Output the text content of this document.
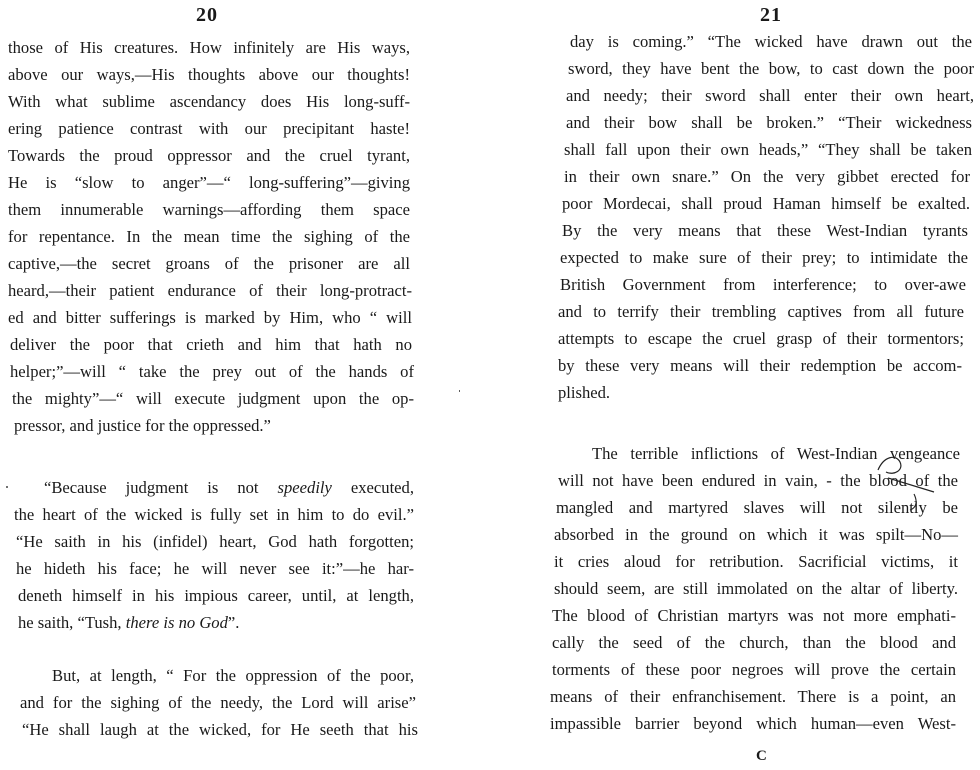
20
those of His creatures. How infinitely are His ways,
above our ways,—His thoughts above our thoughts!
With what sublime ascendancy does His long-suff-
ering patience contrast with our precipitant haste!
Towards the proud oppressor and the cruel tyrant,
He is “slow to anger”—“ long-suffering”—giving
them innumerable warnings—affording them space
for repentance. In the mean time the sighing of the
captive,—the secret groans of the prisoner are all
heard,—their patient endurance of their long-protract-
ed and bitter sufferings is marked by Him, who “ will
deliver the poor that crieth and him that hath no
helper;”—will “ take the prey out of the hands of
the mighty”—“ will execute judgment upon the op-
pressor, and justice for the oppressed.”
“Because judgment is not speedily executed,
the heart of the wicked is fully set in him to do evil.”
“He saith in his (infidel) heart, God hath forgotten;
he hideth his face; he will never see it:”—he har-
deneth himself in his impious career, until, at length,
he saith, “Tush, there is no God”.
But, at length, “ For the oppression of the poor,
and for the sighing of the needy, the Lord will arise”
“He shall laugh at the wicked, for He seeth that his
21
day is coming.” “The wicked have drawn out the
sword, they have bent the bow, to cast down the poor
and needy; their sword shall enter their own heart,
and their bow shall be broken.” “Their wickedness
shall fall upon their own heads,” “They shall be taken
in their own snare.” On the very gibbet erected for
poor Mordecai, shall proud Haman himself be exalted.
By the very means that these West-Indian tyrants
expected to make sure of their prey; to intimidate the
British Government from interference; to over-awe
and to terrify their trembling captives from all future
attempts to escape the cruel grasp of their tormentors;
by these very means will their redemption be accom-
plished.
The terrible inflictions of West-Indian vengeance
will not have been endured in vain, - the blood of the
mangled and martyred slaves will not silently be
absorbed in the ground on which it was spilt—No—
it cries aloud for retribution. Sacrificial victims, it
should seem, are still immolated on the altar of liberty.
The blood of Christian martyrs was not more emphati-
cally the seed of the church, than the blood and
torments of these poor negroes will prove the certain
means of their enfranchisement. There is a point, an
impassible barrier beyond which human—even West-
C
